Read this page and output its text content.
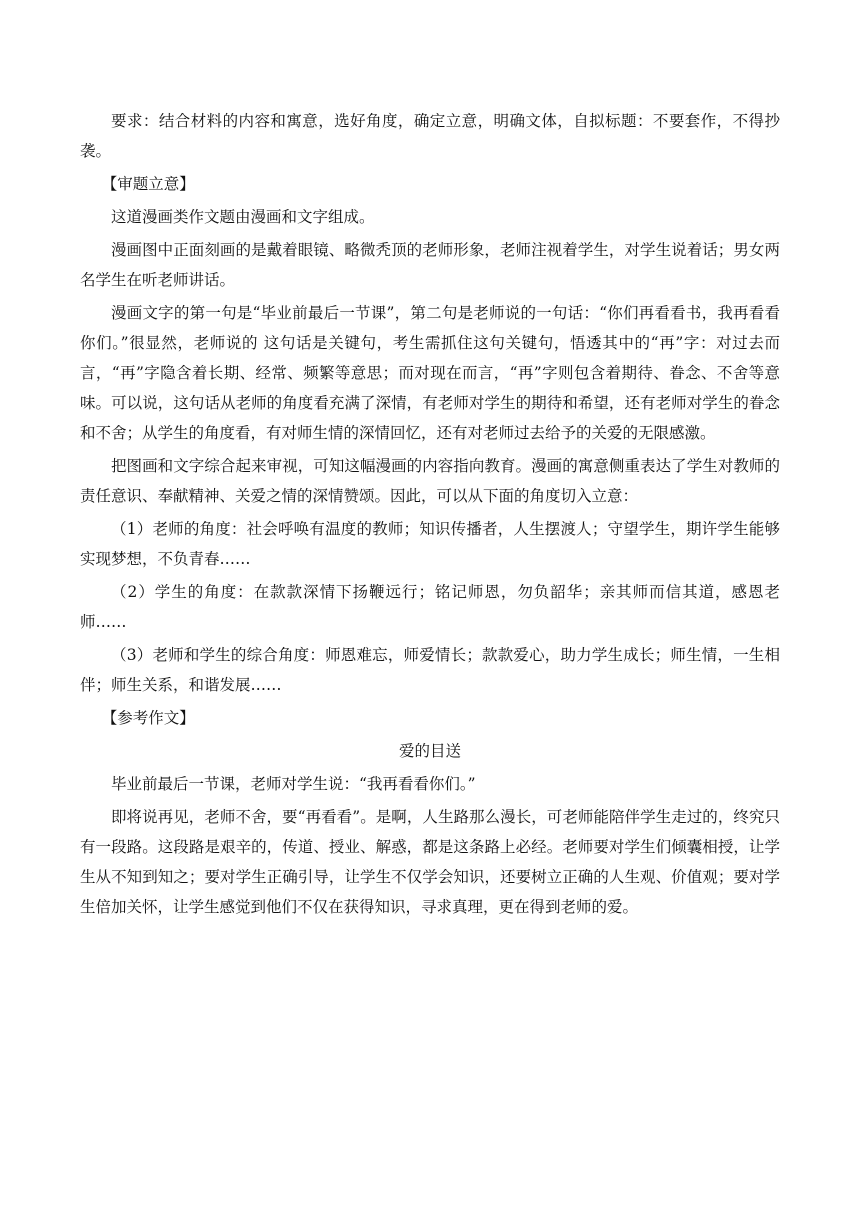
要求：结合材料的内容和寓意，选好角度，确定立意，明确文体，自拟标题：不要套作，不得抄袭。

【审题立意】

这道漫画类作文题由漫画和文字组成。

漫画图中正面刻画的是戴着眼镜、略微秃顶的老师形象，老师注视着学生，对学生说着话；男女两名学生在听老师讲话。

漫画文字的第一句是“毕业前最后一节课”，第二句是老师说的一句话：“你们再看看书，我再看看你们。”很显然，老师说的 这句话是关键句，考生需抓住这句关键句，悟透其中的“再”字：对过去而言，“再”字隐含着长期、经常、频繁等意思；而对现在而言，“再”字则包含着期待、眷念、不舍等意味。可以说，这句话从老师的角度看充满了深情，有老师对学生的期待和希望，还有老师对学生的眷念和不舍；从学生的角度看，有对师生情的深情回忆，还有对老师过去给予的关爱的无限感激。

把图画和文字综合起来审视，可知这幅漫画的内容指向教育。漫画的寓意侧重表达了学生对教师的责任意识、奉献精神、关爱之情的深情赞颂。因此，可以从下面的角度切入立意：

（1）老师的角度：社会呼唤有温度的教师；知识传播者，人生摆渡人；守望学生，期许学生能够实现梦想，不负青春……

（2）学生的角度：在款款深情下扬鞭远行；铭记师恩，勿负韶华；亲其师而信其道，感恩老师……

（3）老师和学生的综合角度：师恩难忘，师爱情长；款款爱心，助力学生成长；师生情，一生相伴；师生关系，和谐发展……

【参考作文】

爱的目送

毕业前最后一节课，老师对学生说：“我再看看你们。”

即将说再见，老师不舍，要“再看看”。是啊，人生路那么漫长，可老师能陪伴学生走过的，终究只有一段路。这段路是艰辛的，传道、授业、解惑，都是这条路上必经。老师要对学生们倾囊相授，让学生从不知到知之；要对学生正确引导，让学生不仅学会知识，还要树立正确的人生观、价值观；要对学生倍加关怀，让学生感觉到他们不仅在获得知识，寻求真理，更在得到老师的爱。
